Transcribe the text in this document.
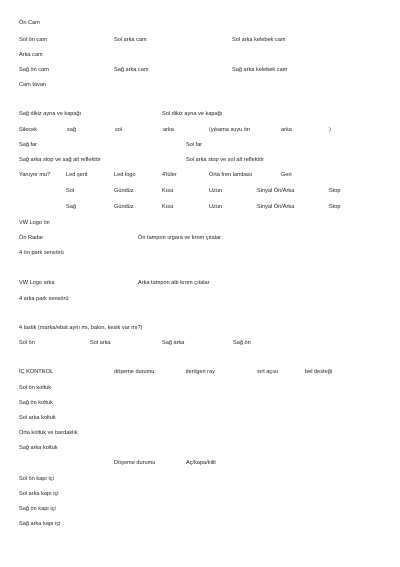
Ön Cam
Sol ön cam	Sol arka cam	Sol arka kelebek cam
Arka cam
Sağ ön cam	Sağ arka cam	Sağ arka kelebek cam
Cam tavan
Sağ dikiz ayna ve kapağı	Sol dikiz ayna ve kapağı
Silecek	sağ	sol	arka	(yıkama suyu ön	arka	)
Sağ far	Sol far
Sağ arka stop ve sağ alt reflektör	Sol arka stop ve sol alt reflektör
Yanıyor mu?	Led şerit	Led logo	4'lüler	Orta fren lambası	Geri
Sol	Gündüz	Kısa	Uzun	Sinyal Ön/Arka	Stop
Sağ	Gündüz	Kısa	Uzun	Sinyal Ön/Arka	Stop
VW Logo ön
Ön Radar	Ön tampon ızgara ve krom çıtalar
4 ön park sensörü
VW Logo arka	Arka tampon altı krom çıtalar
4 arka park sensörü
4 lastik (marka/ebat aynı mı, balon, kesik var mı?)
Sol ön	Sol arka	Sağ arka	Sağ ön
İÇ KONTROL	döşeme durumu	ileri/geri ray	sırt açısı	bel desteği
Sol ön koltuk
Sağ ön koltuk
Sol arka koltuk
Orta koltuk ve bardaklık
Sağ arka koltuk
Döşeme durumu	Aç/kapa/kilit
Sol ön kapı içi
Sol arka kapı içi
Sağ ön kapı içi
Sağ arka kapı içi
